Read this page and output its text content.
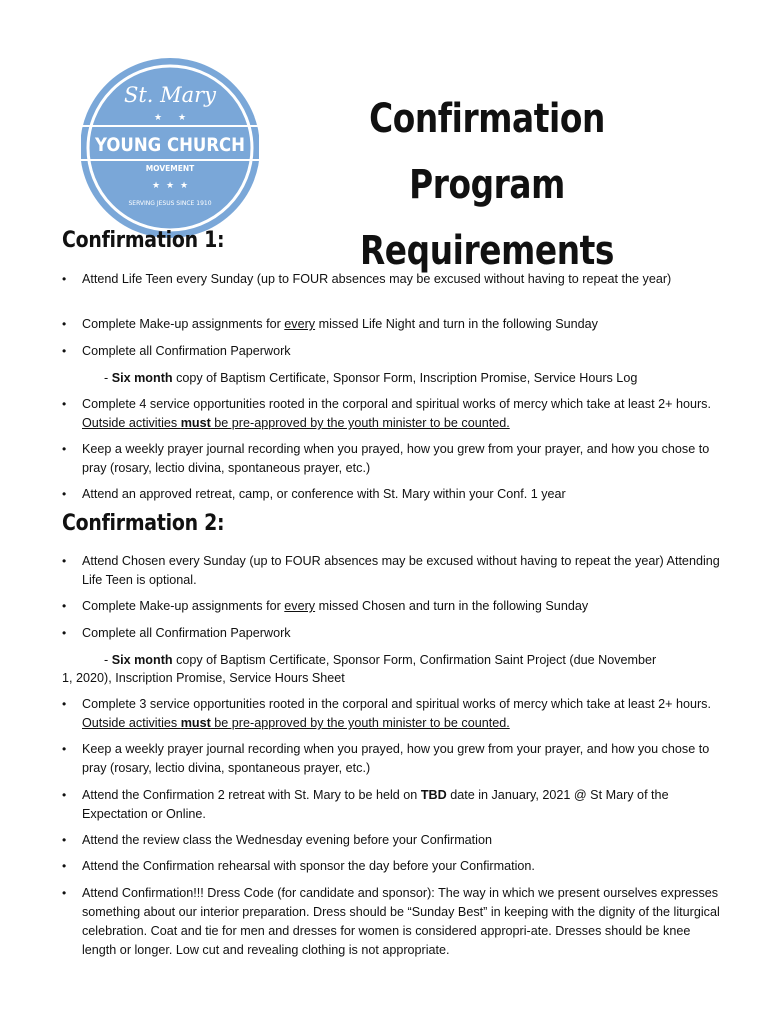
St. Mary
★ ★
YOUNG CHURCH
MOVEMENT
★ ★ ★
SERVING JESUS SINCE 1910
Confirmation Program
Requirements
Confirmation 1:
• Attend Life Teen every Sunday (up to FOUR absences may be excused without having to repeat the year)
• Complete Make-up assignments for every missed Life Night and turn in the following Sunday
• Complete all Confirmation Paperwork
- Six month copy of Baptism Certificate, Sponsor Form, Inscription Promise, Service Hours Log
• Complete 4 service opportunities rooted in the corporal and spiritual works of mercy which take at least 2+ hours. Outside activities must be pre-approved by the youth minister to be counted.
• Keep a weekly prayer journal recording when you prayed, how you grew from your prayer, and how you chose to pray (rosary, lectio divina, spontaneous prayer, etc.)
• Attend an approved retreat, camp, or conference with St. Mary within your Conf. 1 year
Confirmation 2:
• Attend Chosen every Sunday (up to FOUR absences may be excused without having to repeat the year) Attending Life Teen is optional.
• Complete Make-up assignments for every missed Chosen and turn in the following Sunday
• Complete all Confirmation Paperwork
- Six month copy of Baptism Certificate, Sponsor Form, Confirmation Saint Project (due November
1, 2020), Inscription Promise, Service Hours Sheet
• Complete 3 service opportunities rooted in the corporal and spiritual works of mercy which take at least 2+ hours. Outside activities must be pre-approved by the youth minister to be counted.
• Keep a weekly prayer journal recording when you prayed, how you grew from your prayer, and how you chose to pray (rosary, lectio divina, spontaneous prayer, etc.)
• Attend the Confirmation 2 retreat with St. Mary to be held on TBD date in January, 2021 @ St Mary of the Expectation or Online.
• Attend the review class the Wednesday evening before your Confirmation
• Attend the Confirmation rehearsal with sponsor the day before your Confirmation.
• Attend Confirmation!!! Dress Code (for candidate and sponsor): The way in which we present ourselves expresses something about our interior preparation. Dress should be “Sunday Best” in keeping with the dignity of the liturgical celebration. Coat and tie for men and dresses for women is considered appropri-ate. Dresses should be knee length or longer. Low cut and revealing clothing is not appropriate.
